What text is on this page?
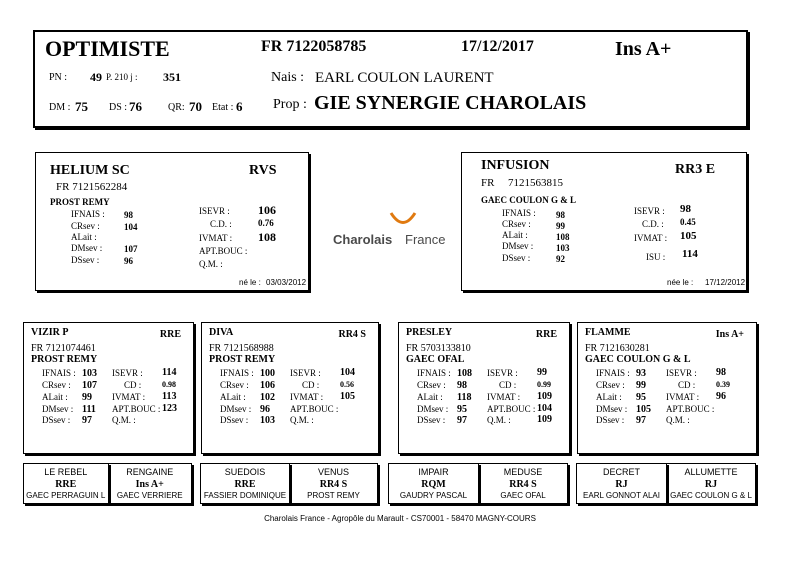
OPTIMISTE	FR 7122058785	17/12/2017	Ins A+
PN : 49 P. 210 j : 351	Nais : EARL COULON LAURENT
DM : 75 DS : 76	QR: 70 Etat : 6 Prop : GIE SYNERGIE CHAROLAIS
HELIUM SC	RVS
FR 7121562284
PROST REMY
IFNAIS : 98
CRsev :	104
ALait :
DMsev : 107
DSsev :	96
ISEVR : 106
C.D. :	0.76
IVMAT : 108
APT.BOUC :
Q.M. :
né le : 03/03/2012
Charolais France
INFUSION	RR3 E
FR 7121563815
GAEC COULON G & L
IFNAIS : 98
CRsev :	99
ALait :	108
DMsev :	103
DSsev :	92
ISEVR : 98
C.D. : 0.45
IVMAT : 105
ISU : 114
née le : 17/12/2012
VIZIR P	RRE
FR 7121074461
PROST REMY
IFNAIS : 103
CRsev : 107
ALait : 99
DMsev : 111
DSsev : 97
ISEVR : 114
CD :	0.98
IVMAT : 113
APT.BOUC : 123
Q.M. :
DIVA	RR4 S
FR 7121568988
PROST REMY
IFNAIS : 100
CRsev : 106
ALait : 102
DMsev : 96
DSsev : 103
ISEVR : 104
CD :	0.56
IVMAT : 105
APT.BOUC :
Q.M. :
PRESLEY	RRE
FR 5703133810
GAEC OFAL
IFNAIS : 108
CRsev : 98
ALait : 118
DMsev : 95
DSsev : 97
ISEVR : 99
CD :	0.99
IVMAT : 109
APT.BOUC : 104
Q.M. :	109
FLAMME	Ins A+
FR 7121630281
GAEC COULON G & L
IFNAIS : 93
CRsev : 99
ALait : 95
DMsev : 105
DSsev : 97
ISEVR : 98
CD :	0.39
IVMAT : 96
APT.BOUC :
Q.M. :
LE REBEL
RRE
GAEC PERRAGUIN L
RENGAINE
Ins A+
GAEC VERRIERE
SUEDOIS
RRE
FASSIER DOMINIQUE
VENUS
RR4 S
PROST REMY
IMPAIR
RQM
GAUDRY PASCAL
MEDUSE
RR4 S
GAEC OFAL
DECRET
RJ
EARL GONNOT ALAI
ALLUMETTE
RJ
GAEC COULON G & L
Charolais France - Agropôle du Marault - CS70001 - 58470 MAGNY-COURS
